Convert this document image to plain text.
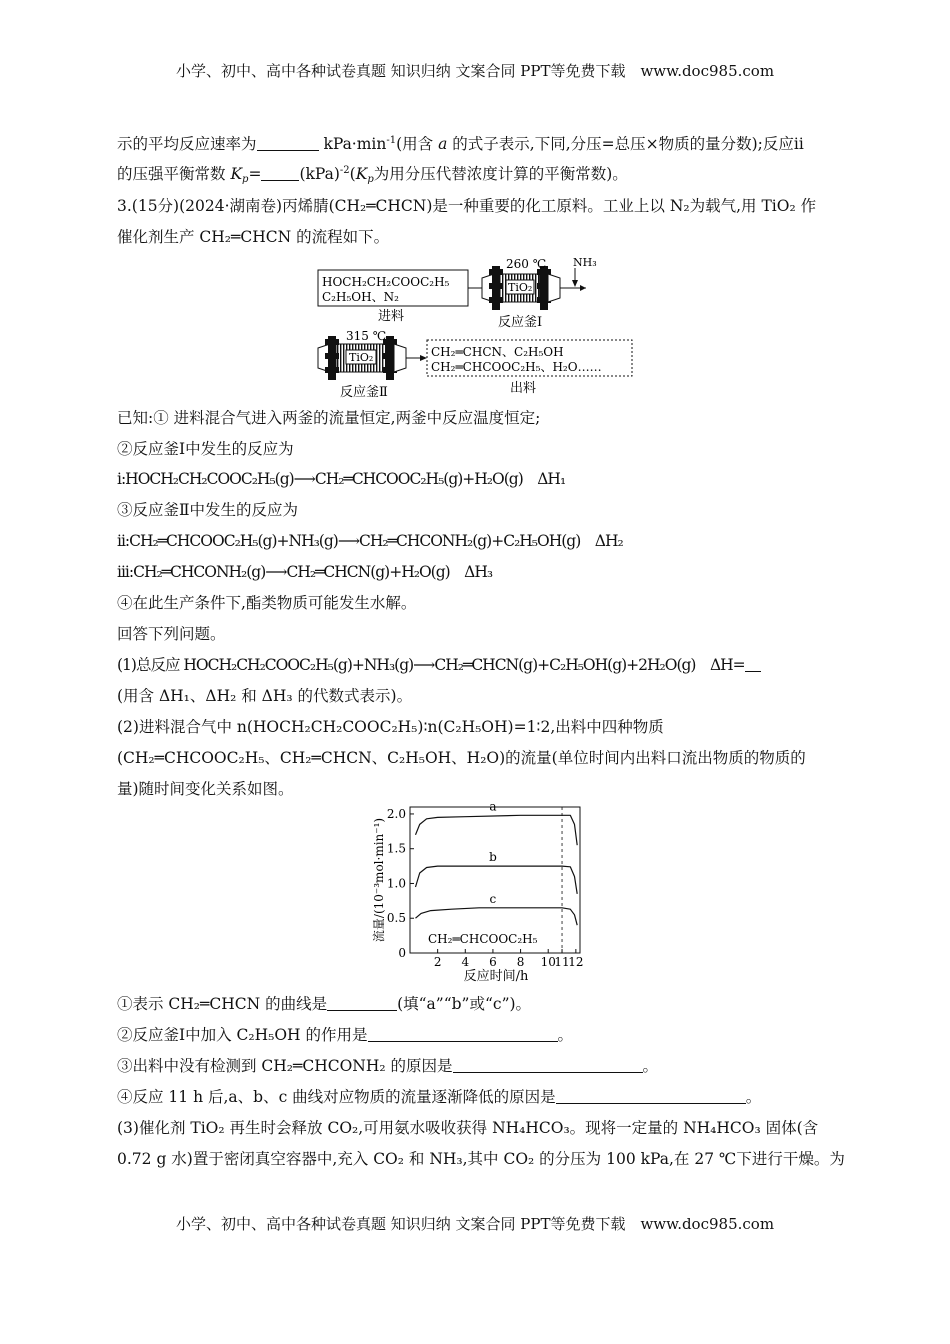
小学、初中、高中各种试卷真题 知识归纳 文案合同 PPT等免费下载　www.doc985.com
示的平均反应速率为	$kPa\cdot\min^{-1}$(用含 a 的式子表示,下同,分压=总压×物质的量分数);反应ⅱ
的压强平衡常数 $K_p= (kPa)^{-2}(K_p$为用分压代替浓度计算的平衡常数)。
3.(15分)(2024·湖南卷)丙烯腈(CH₂═CHCN)是一种重要的化工原料。工业上以 N₂为载气,用 TiO₂ 作
催化剂生产 CH₂═CHCN 的流程如下。
HOCH₂CH₂COOC₂H₅
C₂H₅OH、N₂
进料
TiO₂
260 ℃
反应釜Ⅰ
NH₃
TiO₂
315 ℃
反应釜Ⅱ
CH₂═CHCN、C₂H₅OH
CH₂═CHCOOC₂H₅、H₂O……
出料
已知:① 进料混合气进入两釜的流量恒定,两釜中反应温度恒定;
②反应釜Ⅰ中发生的反应为
i:HOCH₂CH₂COOC₂H₅(g)⟶CH₂═CHCOOC₂H₅(g)+H₂O(g)　ΔH₁
③反应釜Ⅱ中发生的反应为
ii:CH₂═CHCOOC₂H₅(g)+NH₃(g)⟶CH₂═CHCONH₂(g)+C₂H₅OH(g)　ΔH₂
iii:CH₂═CHCONH₂(g)⟶CH₂═CHCN(g)+H₂O(g)　ΔH₃
④在此生产条件下,酯类物质可能发生水解。
回答下列问题。
(1)总反应 HOCH₂CH₂COOC₂H₅(g)+NH₃(g)⟶CH₂═CHCN(g)+C₂H₅OH(g)+2H₂O(g)　ΔH=
(用含 ΔH₁、ΔH₂ 和 ΔH₃ 的代数式表示)。
(2)进料混合气中 n(HOCH₂CH₂COOC₂H₅)∶n(C₂H₅OH)=1∶2,出料中四种物质
(CH₂═CHCOOC₂H₅、CH₂═CHCN、C₂H₅OH、H₂O)的流量(单位时间内出料口流出物质的物质的
量)随时间变化关系如图。
0
0.5
1.0
1.5
2.0
2 4 6 8 10
11
12
a
b
c
流量/(10⁻³mol·min⁻¹)
反应时间/h
CH₂═CHCOOC₂H₅
①表示 CH₂═CHCN 的曲线是	(填“a”“b”或“c”)。
②反应釜Ⅰ中加入 C₂H₅OH 的作用是	。
③出料中没有检测到 CH₂═CHCONH₂ 的原因是	。
④反应 11 h 后,a、b、c 曲线对应物质的流量逐渐降低的原因是	。
(3)催化剂 TiO₂ 再生时会释放 CO₂,可用氨水吸收获得 NH₄HCO₃。现将一定量的 NH₄HCO₃ 固体(含
0.72 g 水)置于密闭真空容器中,充入 CO₂ 和 NH₃,其中 CO₂ 的分压为 100 kPa,在 27 ℃下进行干燥。为
小学、初中、高中各种试卷真题 知识归纳 文案合同 PPT等免费下载　www.doc985.com
